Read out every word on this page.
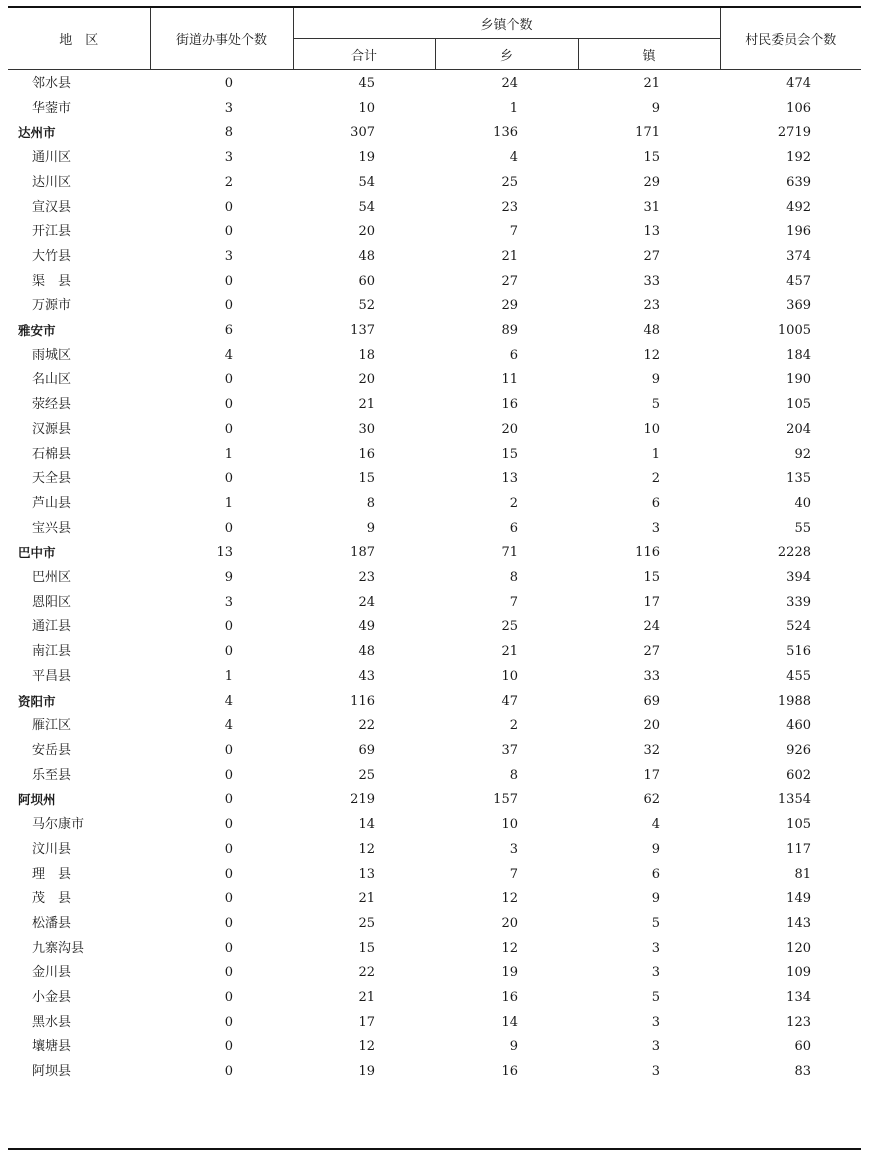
地　区	街道办事处个数	乡镇个数			村民委员会个数
		合计	乡	镇	
邻水县	0	45	24	21	474
华蓥市	3	10	1	9	106
达州市	8	307	136	171	2719
通川区	3	19	4	15	192
达川区	2	54	25	29	639
宣汉县	0	54	23	31	492
开江县	0	20	7	13	196
大竹县	3	48	21	27	374
渠　县	0	60	27	33	457
万源市	0	52	29	23	369
雅安市	6	137	89	48	1005
雨城区	4	18	6	12	184
名山区	0	20	11	9	190
荥经县	0	21	16	5	105
汉源县	0	30	20	10	204
石棉县	1	16	15	1	92
天全县	0	15	13	2	135
芦山县	1	8	2	6	40
宝兴县	0	9	6	3	55
巴中市	13	187	71	116	2228
巴州区	9	23	8	15	394
恩阳区	3	24	7	17	339
通江县	0	49	25	24	524
南江县	0	48	21	27	516
平昌县	1	43	10	33	455
资阳市	4	116	47	69	1988
雁江区	4	22	2	20	460
安岳县	0	69	37	32	926
乐至县	0	25	8	17	602
阿坝州	0	219	157	62	1354
马尔康市	0	14	10	4	105
汶川县	0	12	3	9	117
理　县	0	13	7	6	81
茂　县	0	21	12	9	149
松潘县	0	25	20	5	143
九寨沟县	0	15	12	3	120
金川县	0	22	19	3	109
小金县	0	21	16	5	134
黑水县	0	17	14	3	123
壤塘县	0	12	9	3	60
阿坝县	0	19	16	3	83
